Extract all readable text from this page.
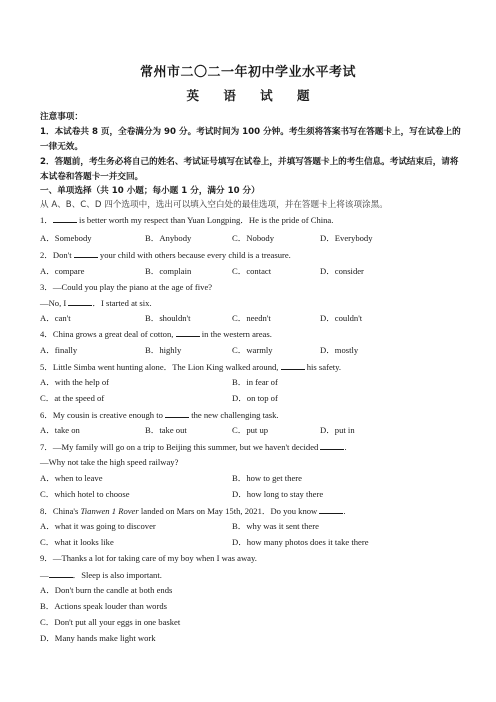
常州市二〇二一年初中学业水平考试
英 语 试 题
注意事项：
1．本试卷共 8 页，全卷满分为 90 分。考试时间为 100 分钟。考生须将答案书写在答题卡上，写在试卷上的一律无效。
2．答题前，考生务必将自己的姓名、考试证号填写在试卷上，并填写答题卡上的考生信息。考试结束后，请将本试卷和答题卡一并交回。
一、单项选择（共 10 小题；每小题 1 分，满分 10 分）
从 A、B、C、D 四个选项中，选出可以填入空白处的最佳选项，并在答题卡上将该项涂黑。
1．	is better worth my respect than Yuan Longping．He is the pride of China.
A．Somebody	B．Anybody	C．Nobody	D．Everybody
2．Don't	your child with others because every child is a treasure.
A．compare	B．complain	C．contact	D．consider
3．—Could you play the piano at the age of five?
—No, I	．I started at six.
A．can't	B．shouldn't	C．needn't	D．couldn't
4．China grows a great deal of cotton,	in the western areas.
A．finally	B．highly	C．warmly	D．mostly
5．Little Simba went hunting alone．The Lion King walked around,	his safety.
A．with the help of	B．in fear of
C．at the speed of	D．on top of
6．My cousin is creative enough to	the new challenging task.
A．take on	B．take out	C．put up	D．put in
7．—My family will go on a trip to Beijing this summer, but we haven't decided	.
—Why not take the high speed railway?
A．when to leave	B．how to get there
C．which hotel to choose	D．how long to stay there
8．China's Tianwen 1 Rover landed on Mars on May 15th, 2021．Do you know	.
A．what it was going to discover	B．why was it sent there
C．what it looks like	D．how many photos does it take there
9．—Thanks a lot for taking care of my boy when I was away.
—	．Sleep is also important.
A．Don't burn the candle at both ends
B．Actions speak louder than words
C．Don't put all your eggs in one basket
D．Many hands make light work
